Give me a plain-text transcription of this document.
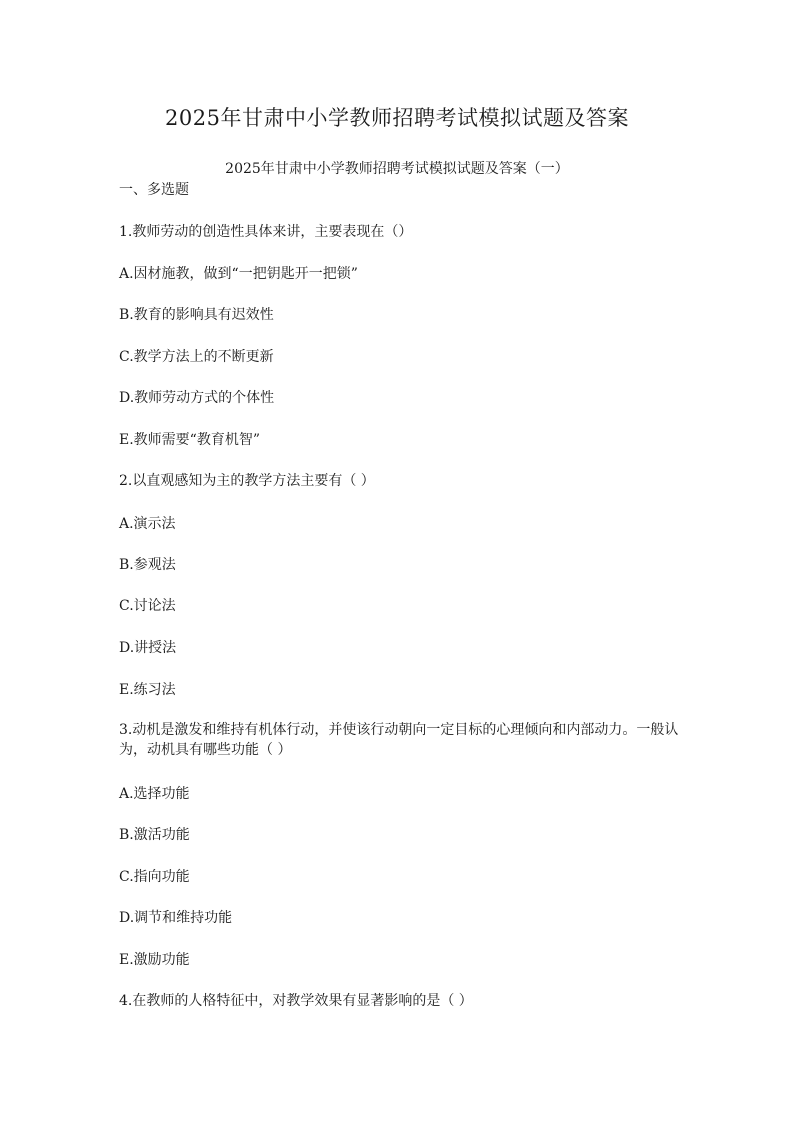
2025年甘肃中小学教师招聘考试模拟试题及答案
2025年甘肃中小学教师招聘考试模拟试题及答案（一）
一、多选题
1.教师劳动的创造性具体来讲，主要表现在（）
A.因材施教，做到“一把钥匙开一把锁”
B.教育的影响具有迟效性
C.教学方法上的不断更新
D.教师劳动方式的个体性
E.教师需要“教育机智”
2.以直观感知为主的教学方法主要有（ ）
A.演示法
B.参观法
C.讨论法
D.讲授法
E.练习法
3.动机是激发和维持有机体行动，并使该行动朝向一定目标的心理倾向和内部动力。一般认为，动机具有哪些功能（ ）
A.选择功能
B.激活功能
C.指向功能
D.调节和维持功能
E.激励功能
4.在教师的人格特征中，对教学效果有显著影响的是（ ）
